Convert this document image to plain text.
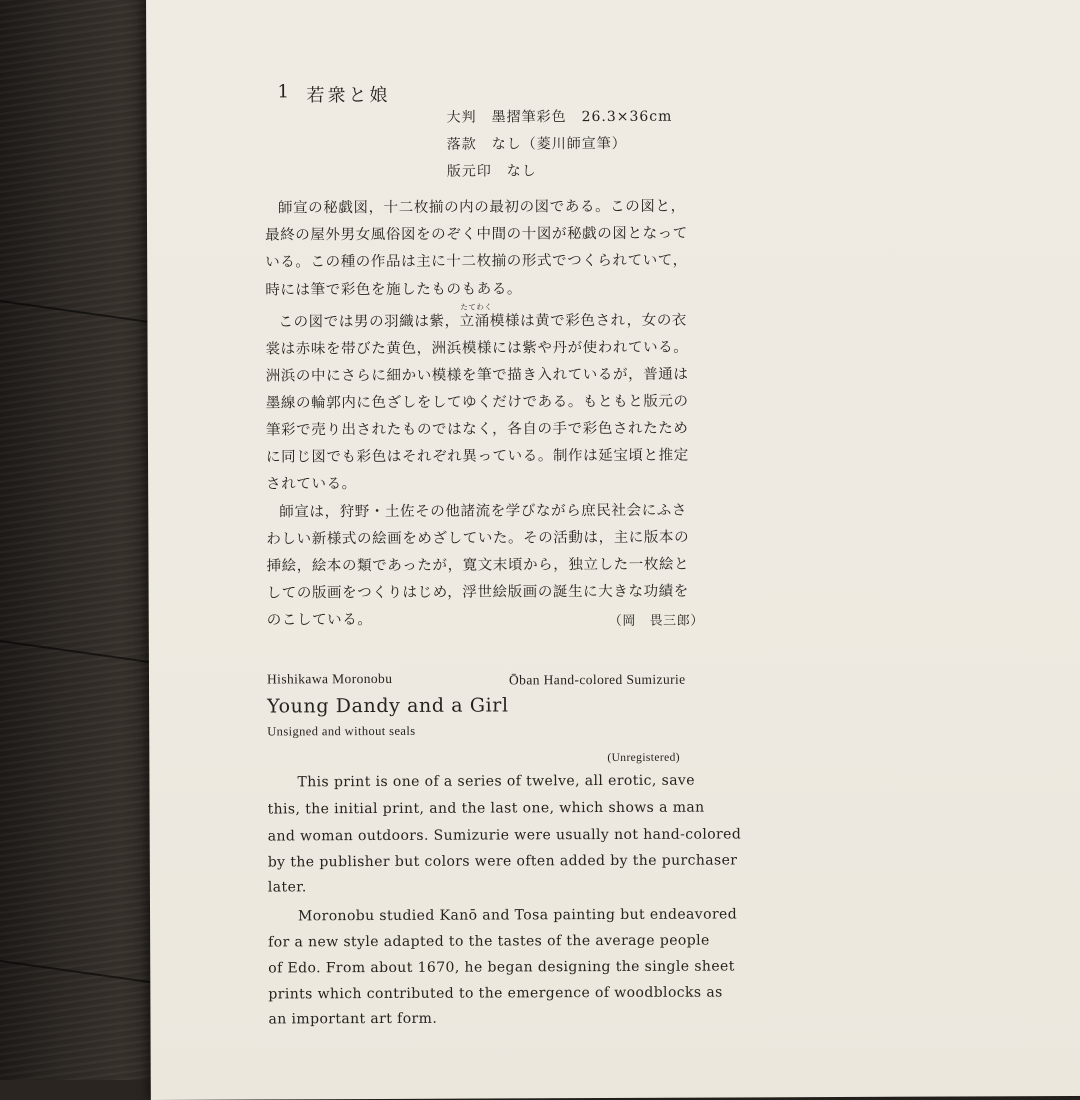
1 若衆と娘
大判　墨摺筆彩色　26.3×36cm
落款　なし（菱川師宣筆）
版元印　なし
師宣の秘戯図，十二枚揃の内の最初の図である。この図と，
最終の屋外男女風俗図をのぞく中間の十図が秘戯の図となって
いる。この種の作品は主に十二枚揃の形式でつくられていて，
時には筆で彩色を施したものもある。
たてわく
この図では男の羽織は紫，立涌模様は黄で彩色され，女の衣
裳は赤味を帯びた黄色，洲浜模様には紫や丹が使われている。
洲浜の中にさらに細かい模様を筆で描き入れているが，普通は
墨線の輪郭内に色ざしをしてゆくだけである。もともと版元の
筆彩で売り出されたものではなく，各自の手で彩色されたため
に同じ図でも彩色はそれぞれ異っている。制作は延宝頃と推定
されている。
師宣は，狩野・土佐その他諸流を学びながら庶民社会にふさ
わしい新様式の絵画をめざしていた。その活動は，主に版本の
挿絵，絵本の類であったが，寛文末頃から，独立した一枚絵と
しての版画をつくりはじめ，浮世絵版画の誕生に大きな功績を
のこしている。	（岡　畏三郎）
Hishikawa Moronobu	Ōban Hand-colored Sumizurie
Young Dandy and a Girl
Unsigned and without seals
(Unregistered)
This print is one of a series of twelve, all erotic, save
this, the initial print, and the last one, which shows a man
and woman outdoors. Sumizurie were usually not hand-colored
by the publisher but colors were often added by the purchaser
later.
Moronobu studied Kanō and Tosa painting but endeavored
for a new style adapted to the tastes of the average people
of Edo. From about 1670, he began designing the single sheet
prints which contributed to the emergence of woodblocks as
an important art form.
